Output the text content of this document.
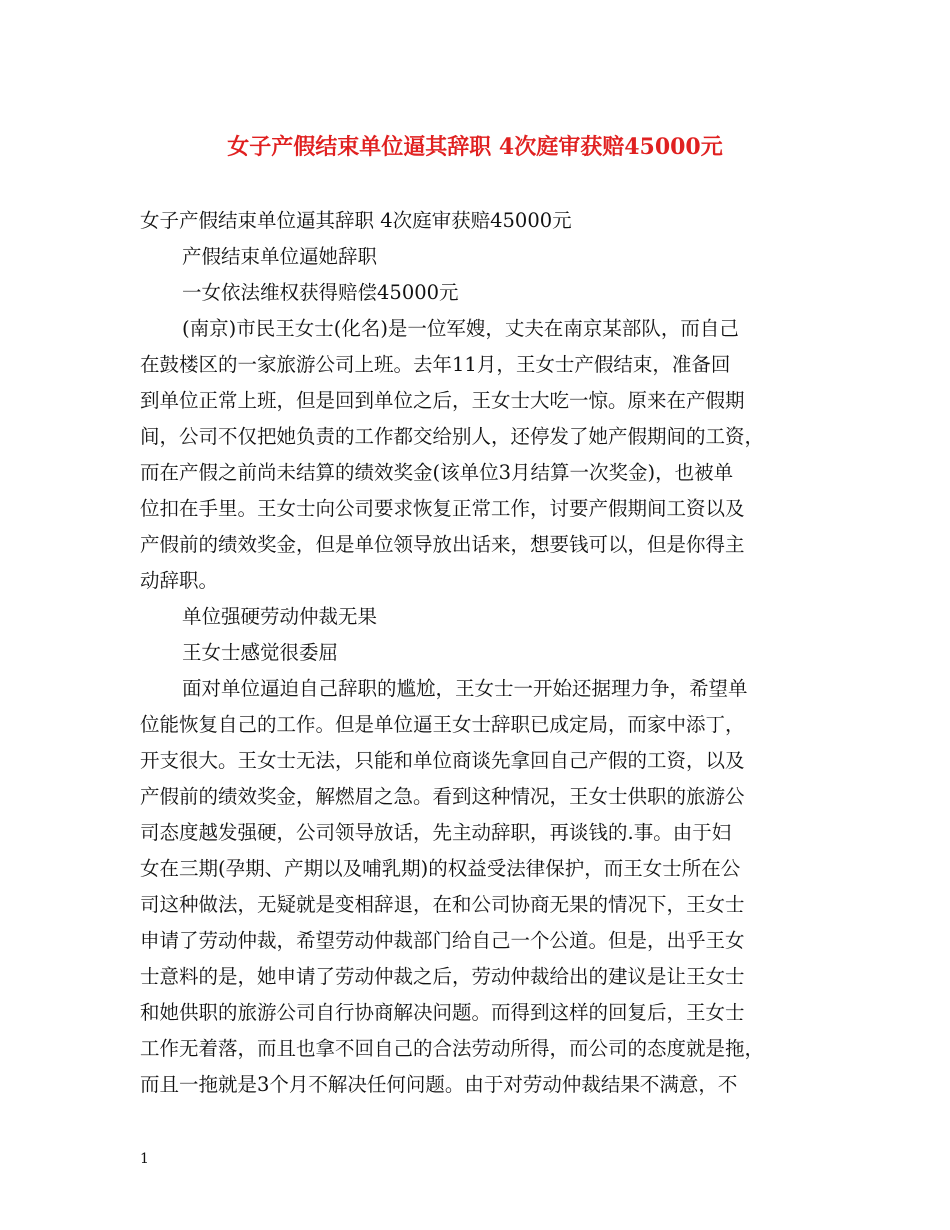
女子产假结束单位逼其辞职 4次庭审获赔45000元
女子产假结束单位逼其辞职 4次庭审获赔45000元
产假结束单位逼她辞职
一女依法维权获得赔偿45000元
(南京)市民王女士(化名)是一位军嫂，丈夫在南京某部队，而自己
在鼓楼区的一家旅游公司上班。去年11月，王女士产假结束，准备回
到单位正常上班，但是回到单位之后，王女士大吃一惊。原来在产假期
间，公司不仅把她负责的工作都交给别人，还停发了她产假期间的工资，
而在产假之前尚未结算的绩效奖金(该单位3月结算一次奖金)，也被单
位扣在手里。王女士向公司要求恢复正常工作，讨要产假期间工资以及
产假前的绩效奖金，但是单位领导放出话来，想要钱可以，但是你得主
动辞职。
单位强硬劳动仲裁无果
王女士感觉很委屈
面对单位逼迫自己辞职的尴尬，王女士一开始还据理力争，希望单
位能恢复自己的工作。但是单位逼王女士辞职已成定局，而家中添丁，
开支很大。王女士无法，只能和单位商谈先拿回自己产假的工资，以及
产假前的绩效奖金，解燃眉之急。看到这种情况，王女士供职的旅游公
司态度越发强硬，公司领导放话，先主动辞职，再谈钱的.事。由于妇
女在三期(孕期、产期以及哺乳期)的权益受法律保护，而王女士所在公
司这种做法，无疑就是变相辞退，在和公司协商无果的情况下，王女士
申请了劳动仲裁，希望劳动仲裁部门给自己一个公道。但是，出乎王女
士意料的是，她申请了劳动仲裁之后，劳动仲裁给出的建议是让王女士
和她供职的旅游公司自行协商解决问题。而得到这样的回复后，王女士
工作无着落，而且也拿不回自己的合法劳动所得，而公司的态度就是拖，
而且一拖就是3个月不解决任何问题。由于对劳动仲裁结果不满意，不
1
